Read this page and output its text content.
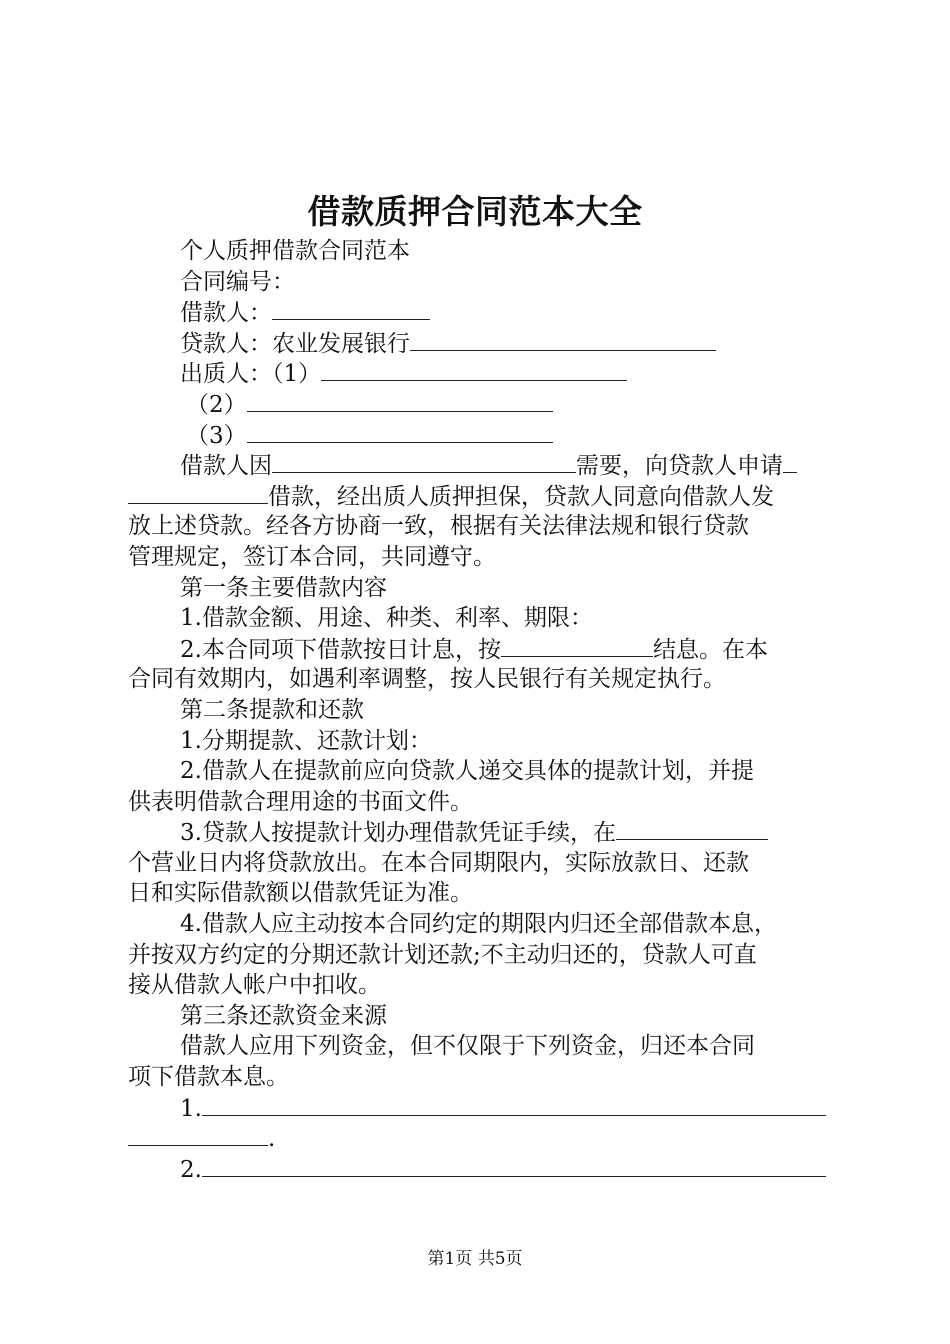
借款质押合同范本大全
个人质押借款合同范本
合同编号：
借款人：
贷款人：农业发展银行
出质人：（1）
（2）
（3）
借款人因	需要，向贷款人申请
借款，经出质人质押担保，贷款人同意向借款人发
放上述贷款。经各方协商一致，根据有关法律法规和银行贷款
管理规定，签订本合同，共同遵守。
第一条主要借款内容
1.借款金额、用途、种类、利率、期限：
2.本合同项下借款按日计息，按	结息。在本
合同有效期内，如遇利率调整，按人民银行有关规定执行。
第二条提款和还款
1.分期提款、还款计划：
2.借款人在提款前应向贷款人递交具体的提款计划，并提
供表明借款合理用途的书面文件。
3.贷款人按提款计划办理借款凭证手续，在
个营业日内将贷款放出。在本合同期限内，实际放款日、还款
日和实际借款额以借款凭证为准。
4.借款人应主动按本合同约定的期限内归还全部借款本息，
并按双方约定的分期还款计划还款;不主动归还的，贷款人可直
接从借款人帐户中扣收。
第三条还款资金来源
借款人应用下列资金，但不仅限于下列资金，归还本合同
项下借款本息。
1.
.
2.
第1页 共5页
